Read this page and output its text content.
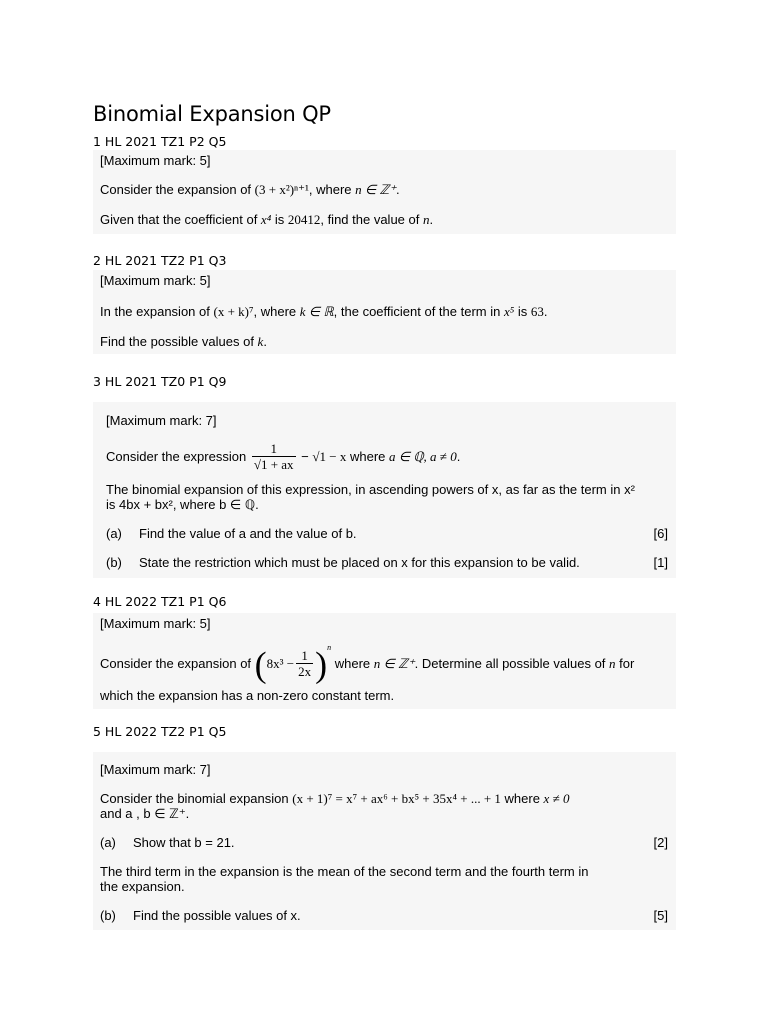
Binomial Expansion QP
1 HL 2021 TZ1 P2 Q5

[Maximum mark: 5]

Consider the expansion of (3 + x²)ⁿ⁺¹, where n ∈ ℤ⁺.

Given that the coefficient of x⁴ is 20412, find the value of n.

2 HL 2021 TZ2 P1 Q3

[Maximum mark: 5]

In the expansion of (x + k)⁷, where k ∈ ℝ, the coefficient of the term in x⁵ is 63.

Find the possible values of k.

3 HL 2021 TZ0 P1 Q9

[Maximum mark: 7]

Consider the expression $\frac{1}{√1 + ax} - √1 - x$ where a ∈ ℚ, a ≠ 0.

The binomial expansion of this expression, in ascending powers of x, as far as the term in x²

is 4bx + bx², where b ∈ ℚ.

(a) Find the value of a and the value of b.	[6]
(b) State the restriction which must be placed on x for this expansion to be valid.	[1]
4 HL 2022 TZ1 P1 Q6

[Maximum mark: 5]

Consider the expansion of $(8x^3 - \frac{1}{2x} )^n$ where n ∈ ℤ⁺. Determine all possible values of n for

which the expansion has a non-zero constant term.

5 HL 2022 TZ2 P1 Q5

[Maximum mark: 7]

Consider the binomial expansion (x + 1)⁷ = x⁷ + ax⁶ + bx⁵ + 35x⁴ + ... + 1 where x ≠ 0

and a , b ∈ ℤ⁺.

(a) Show that b = 21.	[2]

The third term in the expansion is the mean of the second term and the fourth term in

the expansion.

(b) Find the possible values of x.	[5]
